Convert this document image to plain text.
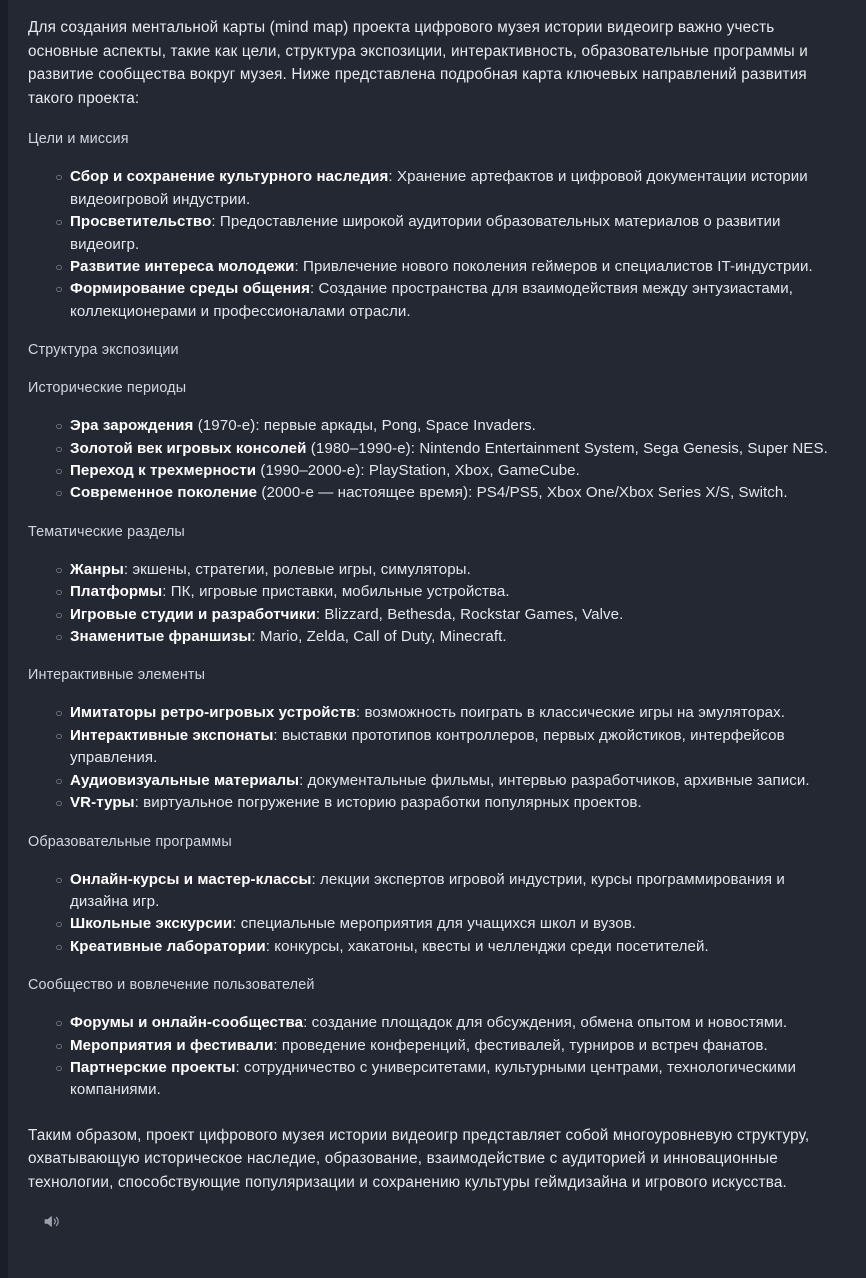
Для создания ментальной карты (mind map) проекта цифрового музея истории видеоигр важно учесть основные аспекты, такие как цели, структура экспозиции, интерактивность, образовательные программы и развитие сообщества вокруг музея. Ниже представлена подробная карта ключевых направлений развития такого проекта:

Цели и миссия
○ Сбор и сохранение культурного наследия: Хранение артефактов и цифровой документации истории видеоигровой индустрии.
○ Просветительство: Предоставление широкой аудитории образовательных материалов о развитии видеоигр.
○ Развитие интереса молодежи: Привлечение нового поколения геймеров и специалистов IT-индустрии.
○ Формирование среды общения: Создание пространства для взаимодействия между энтузиастами, коллекционерами и профессионалами отрасли.
Структура экспозиции
Исторические периоды
○ Эра зарождения (1970-е): первые аркады, Pong, Space Invaders.
○ Золотой век игровых консолей (1980–1990-е): Nintendo Entertainment System, Sega Genesis, Super NES.
○ Переход к трехмерности (1990–2000-е): PlayStation, Xbox, GameCube.
○ Современное поколение (2000-е — настоящее время): PS4/PS5, Xbox One/Xbox Series X/S, Switch.
Тематические разделы
○ Жанры: экшены, стратегии, ролевые игры, симуляторы.
○ Платформы: ПК, игровые приставки, мобильные устройства.
○ Игровые студии и разработчики: Blizzard, Bethesda, Rockstar Games, Valve.
○ Знаменитые франшизы: Mario, Zelda, Call of Duty, Minecraft.
Интерактивные элементы
○ Имитаторы ретро-игровых устройств: возможность поиграть в классические игры на эмуляторах.
○ Интерактивные экспонаты: выставки прототипов контроллеров, первых джойстиков, интерфейсов управления.
○ Аудиовизуальные материалы: документальные фильмы, интервью разработчиков, архивные записи.
○ VR-туры: виртуальное погружение в историю разработки популярных проектов.
Образовательные программы
○ Онлайн-курсы и мастер-классы: лекции экспертов игровой индустрии, курсы программирования и дизайна игр.
○ Школьные экскурсии: специальные мероприятия для учащихся школ и вузов.
○ Креативные лаборатории: конкурсы, хакатоны, квесты и челленджи среди посетителей.
Сообщество и вовлечение пользователей
○ Форумы и онлайн-сообщества: создание площадок для обсуждения, обмена опытом и новостями.
○ Мероприятия и фестивали: проведение конференций, фестивалей, турниров и встреч фанатов.
○ Партнерские проекты: сотрудничество с университетами, культурными центрами, технологическими компаниями.

Таким образом, проект цифрового музея истории видеоигр представляет собой многоуровневую структуру, охватывающую историческое наследие, образование, взаимодействие с аудиторией и инновационные технологии, способствующие популяризации и сохранению культуры геймдизайна и игрового искусства.
